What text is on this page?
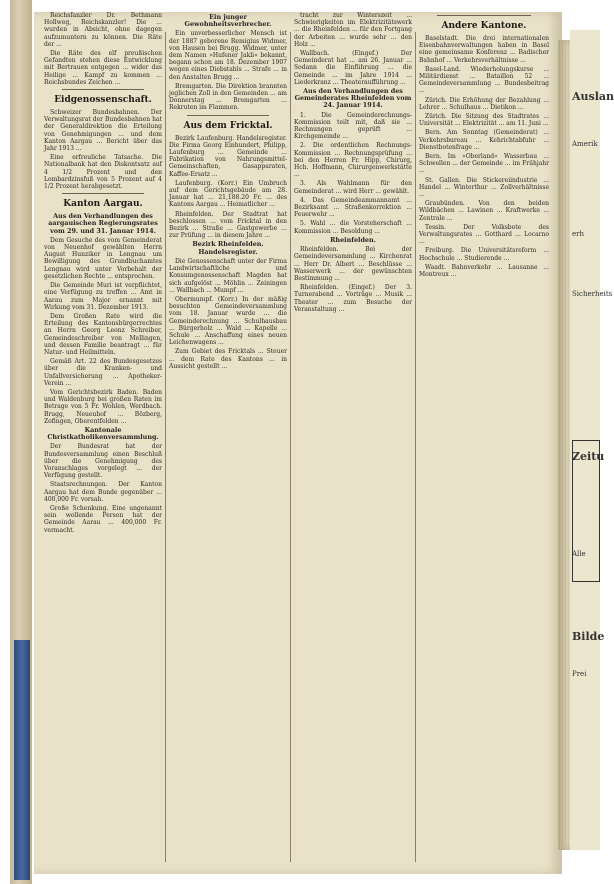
Reichsfanzler Dr. Bethmann Hollweg, Reichskanzler! Die ... wurden in Absicht, ohne dagegen aufzumuntern zu können. Die Räte der ...

Die Räte des elf preußischen Gefandten stehen diese Entwicklung mit Bertrauen entgegen ... wider das Heilige ... Kampf zu kommen ... Reichsbundes Zeichen ...

Eidgenossenschaft.

Schweizer Bundesbahnen. Der Verwaltungsrat der Bundesbahnen hat der Generaldirektion die Erteilung von Genehmigungen ... und dem Kanton Aargau ... Bericht über das Jahr 1913 ...

Eine erfreuliche Tatsache. Die Nationalbank hat den Diskontsatz auf 4 1/2 Prozent und den Lombardzinsfuß von 5 Prozent auf 4 1/2 Prozent herabgesetzt.

Kanton Aargau.
Aus den Verhandlungen des aargauischen Regierungsrates vom 29. und 31. Januar 1914.

Dem Gesuche des vom Gemeinderat von Neuenhof gewählten Herrn August Hunziker in Lengnau um Bewilligung des Grundbuchamtes Lengnau wird unter Vorbehalt der gesetzlichen Rechte ... entsprochen.

Die Gemeinde Muri ist verpflichtet, eine Verfügung zu treffen ... Amt in Aarau zum Major ernannt mit Wirkung vom 31. Dezember 1913.

Dem Großen Rate wird die Erteilung des Kantonsbürgerrechtes an Herrn Georg Leonz Schreiber, Gemeindeschreiber von Mellingen, und dessen Familie beantragt ... für Natur- und Heilmitteln.

Gemäß Art. 22 des Bundesgesetzes über die Kranken- und Unfallversicherung ... Apotheker-Verein ...

Vom Gerichtsbezirk Baden. Baden und Waldenburg bei großen Raten im Betrage von 5 Fr. Wohlen, Werdbach. Brugg, Neuenhof ... Bözberg, Zofingen, Oberentfelden ...

Kantonale Christkatholikenversammlung.

Der Bundesrat hat der Bundesversammlung einen Beschluß über die Genehmigung des Voranschlages vorgelegt ... der Verfügung gestellt.

Staatsrechnungen. Der Kanton Aargau hat dem Bunde gegenüber ... 400,000 Fr. vorsah.

Große Schenkung. Eine ungenannt sein wollende Person hat der Gemeinde Aarau ... 400,000 Fr. vermacht.

Ein junger Gewohnheitsverbrecher.

Ein unverbesserlicher Mensch ist der 1887 geborene Remigius Widmer, von Hausen bei Brugg. Widmer, unter dem Namen »Hufener Jakli« bekannt, begann schon am 18. Dezember 1907 wegen eines Diebstahls ... Strafe ... in den Anstalten Brugg ...

Bremgarten. Die Direktion brannten jeglichen Zoll in den Gemeinden ... am Donnerstag ... Bremgarten ... Rekruten im Flammen.

Aus dem Fricktal.

Bezirk Laufenburg. Handelsregister. Die Firma Georg Einhundert, Philipp, Laufenburg ... Gemeinde ... Fabrikation von Nahrungsmittel-Gemeinschaften, Gasapparaten, Kaffee-Ersatz ...

Laufenburg. (Korr.) Ein Umbruch auf dem Gerichtsgebäude am 28. Januar hat ... 21,188.20 Fr. ... des Kantons Aargau ... Heimatlicher ...

Rheinfelden. Der Stadtrat hat beschlossen ... vom Fricktal in den Bezirk ... Straße ... Gastgewerbe ... zur Prüfung ... in diesem Jahre ...

Bezirk Rheinfelden. Handelsregister.

Die Genossenschaft unter der Firma Landwirtschaftliche und Konsumgenossenschaft Magden hat sich aufgelöst ... Möhlin ... Zeiningen ... Wallbach ... Mumpf ...

Obermumpf. (Korr.) In der mäßig besuchten Gemeindeversammlung vom 18. Januar wurde ... die Gemeinderechnung ... Schulhausbau ... Bürgerholz ... Wald ... Kapelle ... Schule ... Anschaffung eines neuen Leichenwagens ...

Zum Gebiet des Fricktals ... Steuer ... dem Rate des Kantons ... in Aussicht gestellt ...

tracht zur Winterszeit ... Schwierigkeiten im Elektrizitätswerk ... die Rheinfelden ... für den Fortgang der Arbeiten ... wurde sehr ... den Holz ...

Wallbach. (Eingef.) Der Gemeinderat hat ... am 26. Januar ... Sodann die Einführung ... die Gemeinde ... im Jahre 1914 ... Liederkranz ... Theateraufführung ...

Aus den Verhandlungen des Gemeinderates Rheinfelden vom 24. Januar 1914.

1. Die Gemeinderechnungs-Kommission teilt mit, daß sie ... Rechnungen geprüft ... Kirchgemeinde ...

2. Die ordentlichen Rechnungs-Kommission ... Rechnungsprüfung ... bei den Herren Fr. Hipp, Chirurg, Hch. Hoffmann, Chirurgenwerkstätte ...

3. Als Wahlmann für den Gemeinderat ... wird Herr ... gewählt.

4. Das Gemeindeammannamt ... Bezirksamt ... Straßenkorrektion ... Feuerwehr ...

5. Wahl ... die Vorsteherschaft ... Kommission ... Besoldung ...

Rheinfelden.

Rheinfelden. Bei der Gemeindeversammlung ... Kirchenrat ... Herr Dr. Albert ... Beschlüsse ... Wasserwerk ... der gewünschten Bestimmung ...

Rheinfelden. (Eingef.) Der 3. Turnerabend ... Vorträge ... Musik ... Theater ... zum Besuche der Veranstaltung ...

Andere Kantone.

Baselstadt. Die drei internationalen Eisenbahnverwaltungen haben in Basel eine gemeinsame Konferenz ... Badischer Bahnhof ... Verkehrsverhältnisse ...

Basel-Land. Wiederholungskurse ... Militärdienst ... Bataillon 52 ... Gemeindeversammlung ... Bundesbeitrag ...

Zürich. Die Erhöhung der Bezahlung ... Lehrer ... Schulhaus ... Dietikon ...

Zürich. Die Sitzung des Stadtrates ... Universität ... Elektrizität ... am 11. Juni ...

Bern. Am Sonntag (Gemeinderat) ... Verkehrsbureau ... Kehrichtabfuhr ... Dienstbotenfrage ...

Bern. Im »Oberland« Wasserbau ... Schwellen ... der Gemeinde ... im Frühjahr ...

St. Gallen. Die Stickereiindustrie ... Handel ... Winterthur ... Zollverhältnisse ...

Graubünden. Von den beiden Wildbächen ... Lawinen ... Kraftwerke ... Zentrale ...

Tessin. Der Volksbote des Verwaltungsrates ... Gotthard ... Locarno ...

Freiburg. Die Universitätsreform ... Hochschule ... Studierende ...

Waadt. Bahnverkehr ... Lausanne ... Montreux ...

Auslan
Amerik
erh
Sicherheits
Zeitu
Alle
Bilde
Prei
